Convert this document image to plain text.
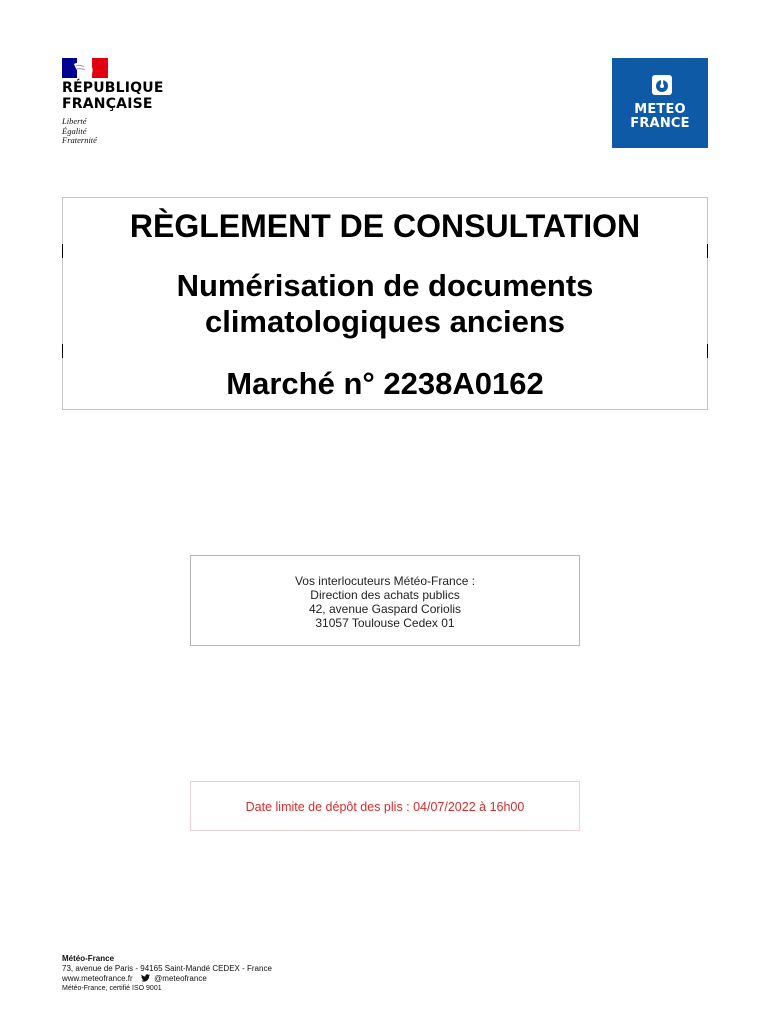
RÉPUBLIQUE
FRANÇAISE
Liberté
Égalité
Fraternité
METEO
FRANCE
RÈGLEMENT DE CONSULTATION
Numérisation de documents
climatologiques anciens
Marché n° 2238A0162
Vos interlocuteurs Météo-France :
Direction des achats publics
42, avenue Gaspard Coriolis
31057 Toulouse Cedex 01
Date limite de dépôt des plis : 04/07/2022 à 16h00
Météo-France
73, avenue de Paris - 94165 Saint-Mandé CEDEX - France
www.meteofrance.fr	@meteofrance
Météo-France, certifié ISO 9001
